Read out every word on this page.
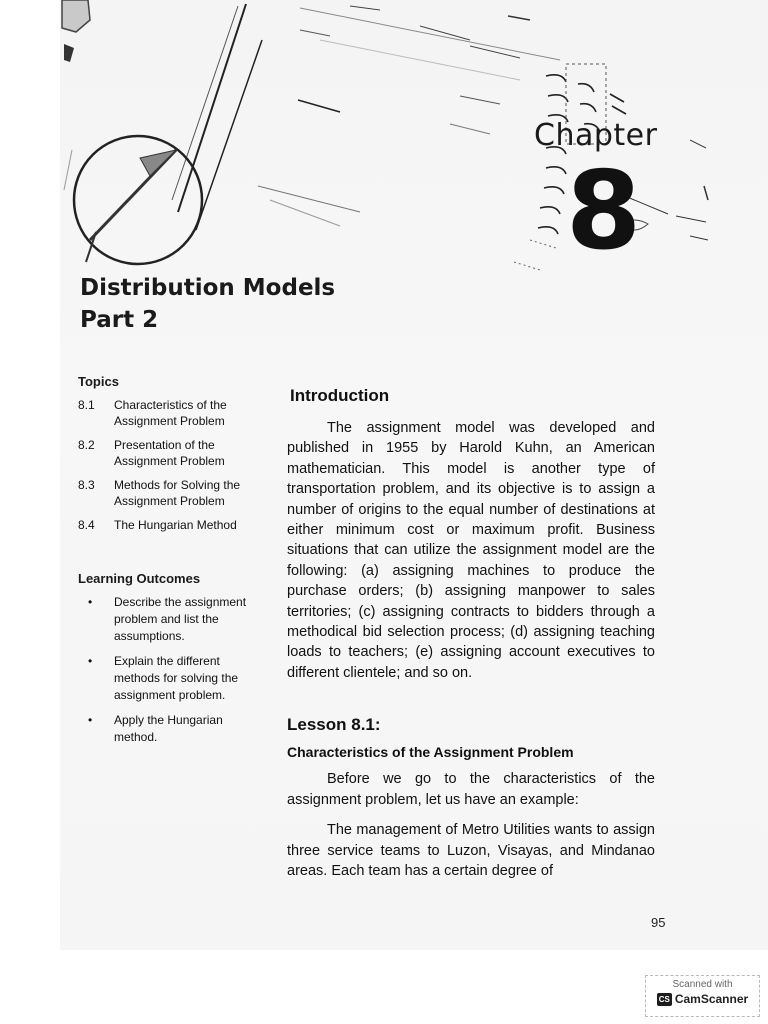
Chapter
8
Distribution Models
Part 2
Topics
8.1	Characteristics of the Assignment Problem
8.2	Presentation of the Assignment Problem
8.3	Methods for Solving the Assignment Problem
8.4	The Hungarian Method
Learning Outcomes
•	Describe the assignment problem and list the assumptions.
•	Explain the different methods for solving the assignment problem.
•	Apply the Hungarian method.
Introduction

The assignment model was developed and published in 1955 by Harold Kuhn, an American mathematician. This model is another type of transportation problem, and its objective is to assign a number of origins to the equal number of destinations at either minimum cost or maximum profit. Business situations that can utilize the assignment model are the following: (a) assigning machines to produce the purchase orders; (b) assigning manpower to sales territories; (c) assigning contracts to bidders through a methodical bid selection process; (d) assigning teaching loads to teachers; (e) assigning account executives to different clientele; and so on.

Lesson 8.1:
Characteristics of the Assignment Problem

Before we go to the characteristics of the assignment problem, let us have an example:

The management of Metro Utilities wants to assign three service teams to Luzon, Visayas, and Mindanao areas. Each team has a certain degree of

95
Scanned with
CS CamScanner
